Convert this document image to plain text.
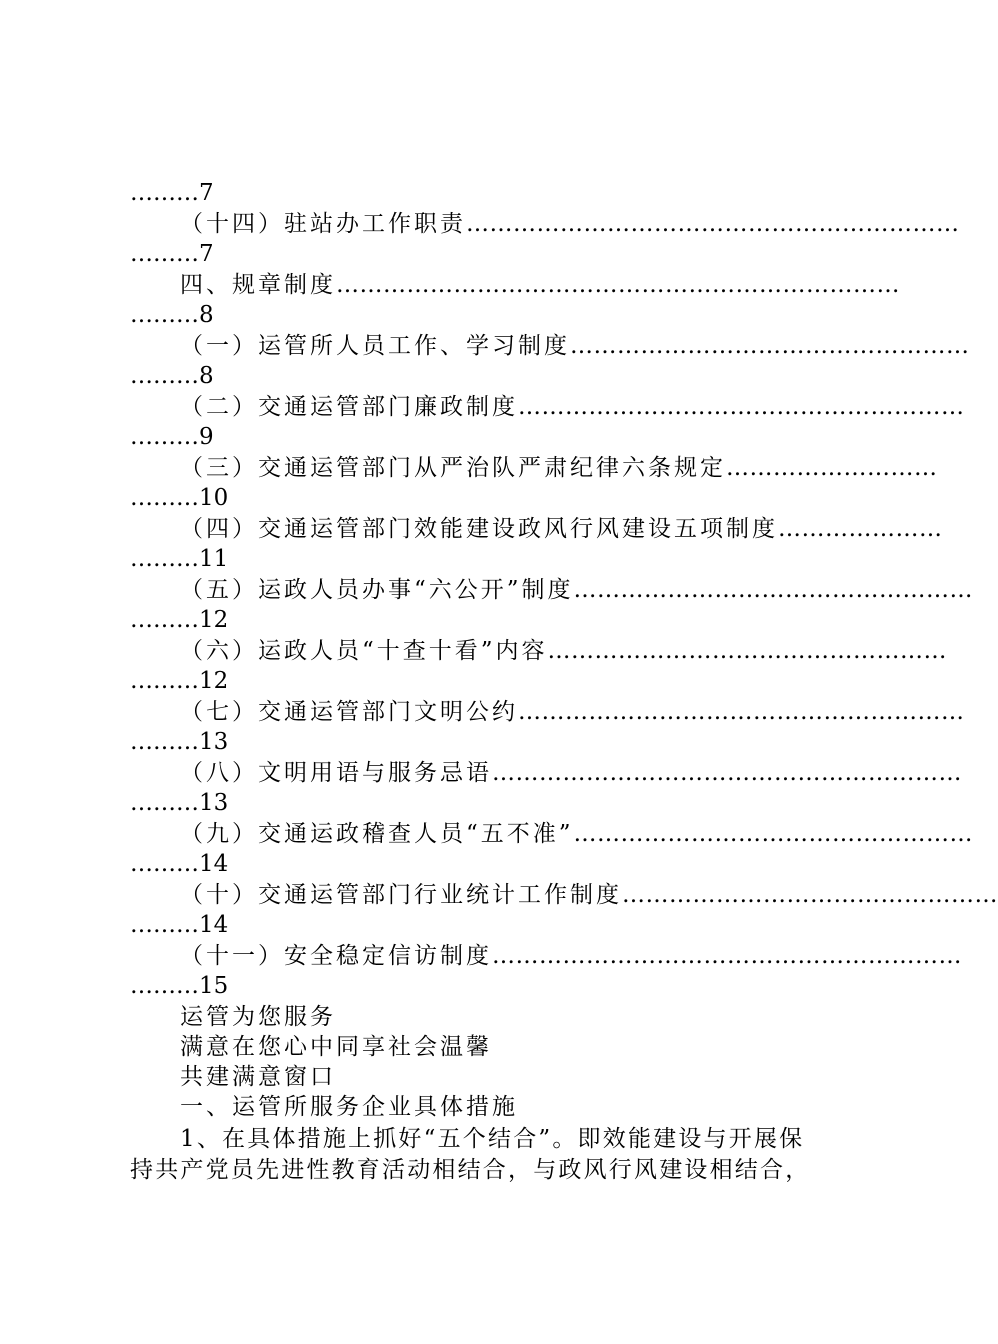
………7
（十四）驻站办工作职责 ………………………………………………………
………7
四、规章制度 ………………………………………………………………
………8
（一）运管所人员工作、学习制度 ……………………………………………
………8
（二）交通运管部门廉政制度 …………………………………………………
………9
（三）交通运管部门从严治队严肃纪律六条规定 ………………………
………10
（四）交通运管部门效能建设政风行风建设五项制度 …………………
………11
（五）运政人员办事“六公开”制度 ……………………………………………
………12
（六）运政人员“十查十看”内容 ……………………………………………
………12
（七）交通运管部门文明公约 …………………………………………………
………13
（八）文明用语与服务忌语 ……………………………………………………
………13
（九）交通运政稽查人员“五不准” ……………………………………………
………14
（十）交通运管部门行业统计工作制度 …………………………………………
………14
（十一）安全稳定信访制度 ……………………………………………………
………15
运管为您服务
满意在您心中同享社会温馨
共建满意窗口
一、运管所服务企业具体措施
1、在具体措施上抓好“五个结合”。即效能建设与开展保
持共产党员先进性教育活动相结合，与政风行风建设相结合，
